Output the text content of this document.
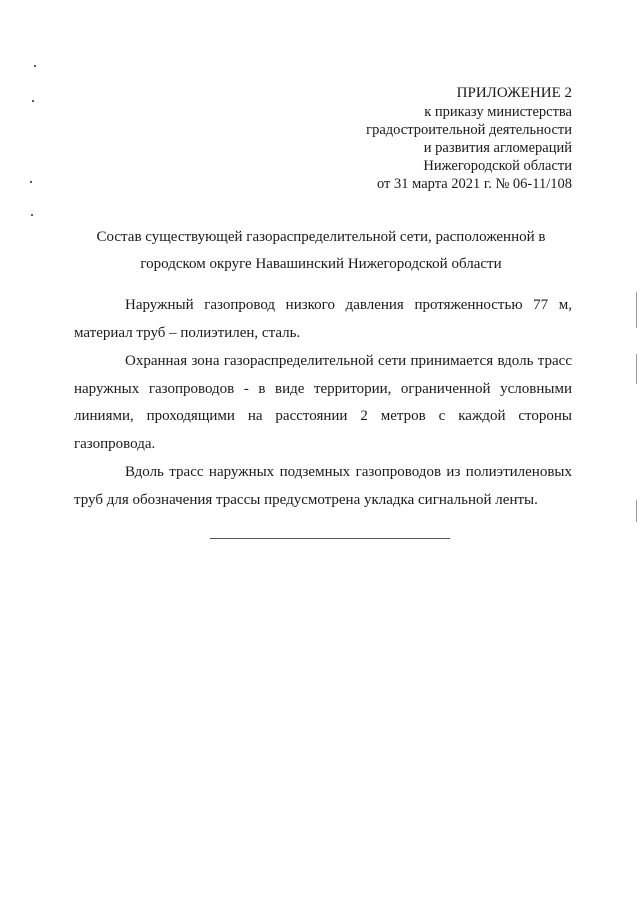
ПРИЛОЖЕНИЕ 2
к приказу министерства
градостроительной деятельности
и развития агломераций
Нижегородской области
от 31 марта 2021 г. № 06-11/108
Состав существующей газораспределительной сети, расположенной в
городском округе Навашинский Нижегородской области

Наружный газопровод низкого давления протяженностью 77 м, материал труб – полиэтилен, сталь.

Охранная зона газораспределительной сети принимается вдоль трасс наружных газопроводов - в виде территории, ограниченной условными линиями, проходящими на расстоянии 2 метров с каждой стороны газопровода.

Вдоль трасс наружных подземных газопроводов из полиэтиленовых труб для обозначения трассы предусмотрена укладка сигнальной ленты.
